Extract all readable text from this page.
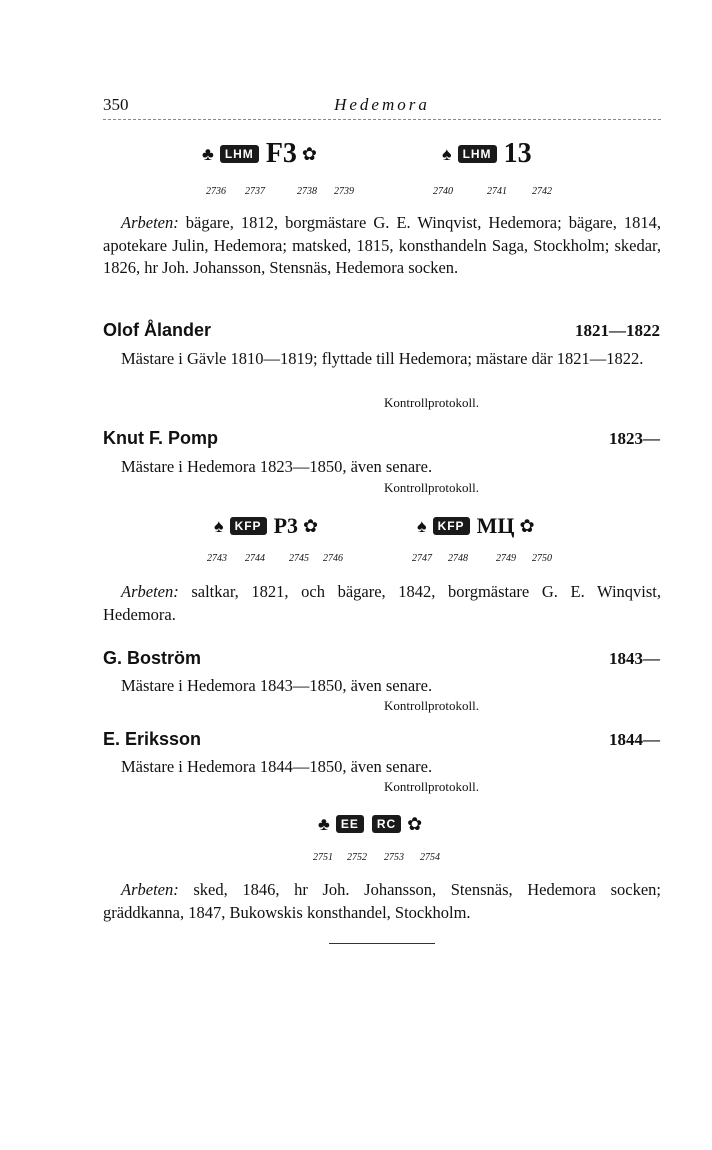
350	Hedemora
♣ LHM F3 ✿	♠ LHM 13
2736 2737	2738 2739	2740	2741	2742
Arbeten: bägare, 1812, borgmästare G. E. Winqvist, Hedemora; bägare, 1814, apotekare Julin, Hedemora; matsked, 1815, konsthandeln Saga, Stockholm; skedar, 1826, hr Joh. Johansson, Stensnäs, Hedemora socken.
Olof Ålander	1821—1822
Mästare i Gävle 1810—1819; flyttade till Hedemora; mästare där 1821—1822.
Kontrollprotokoll.
Knut F. Pomp	1823—
Mästare i Hedemora 1823—1850, även senare.
Kontrollprotokoll.
♠ KFP P3 ✿	♠ KFP MЦ ✿
2743 2744 2745 2746	2747 2748	2749 2750
Arbeten: saltkar, 1821, och bägare, 1842, borgmästare G. E. Winqvist, Hedemora.
G. Boström	1843—
Mästare i Hedemora 1843—1850, även senare.
Kontrollprotokoll.
E. Eriksson	1844—
Mästare i Hedemora 1844—1850, även senare.
Kontrollprotokoll.
♣ EE	RC ✿
2751 2752 2753 2754
Arbeten: sked, 1846, hr Joh. Johansson, Stensnäs, Hedemora socken; gräddkanna, 1847, Bukowskis konsthandel, Stockholm.
